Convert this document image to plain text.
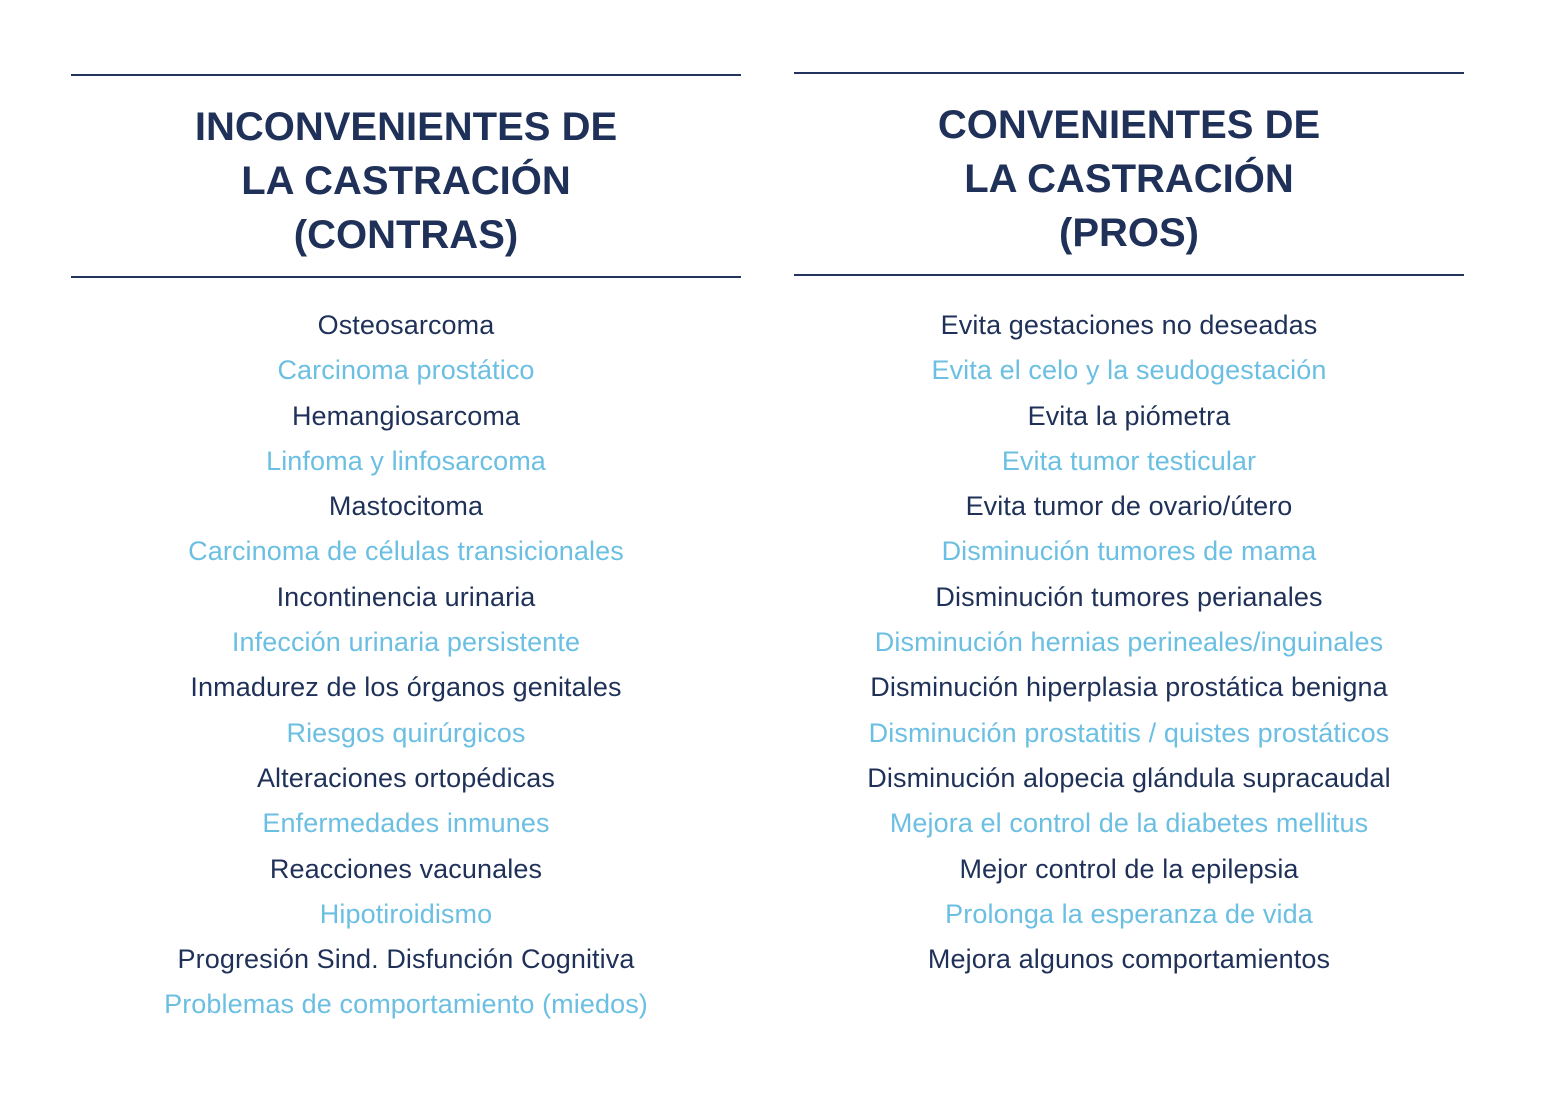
INCONVENIENTES DE
LA CASTRACIÓN
(CONTRAS)
Osteosarcoma
Carcinoma prostático
Hemangiosarcoma
Linfoma y linfosarcoma
Mastocitoma
Carcinoma de células transicionales
Incontinencia urinaria
Infección urinaria persistente
Inmadurez de los órganos genitales
Riesgos quirúrgicos
Alteraciones ortopédicas
Enfermedades inmunes
Reacciones vacunales
Hipotiroidismo
Progresión Sind. Disfunción Cognitiva
Problemas de comportamiento (miedos)
CONVENIENTES DE
LA CASTRACIÓN
(PROS)
Evita gestaciones no deseadas
Evita el celo y la seudogestación
Evita la piómetra
Evita tumor testicular
Evita tumor de ovario/útero
Disminución tumores de mama
Disminución tumores perianales
Disminución hernias perineales/inguinales
Disminución hiperplasia prostática benigna
Disminución prostatitis / quistes prostáticos
Disminución alopecia glándula supracaudal
Mejora el control de la diabetes mellitus
Mejor control de la epilepsia
Prolonga la esperanza de vida
Mejora algunos comportamientos
